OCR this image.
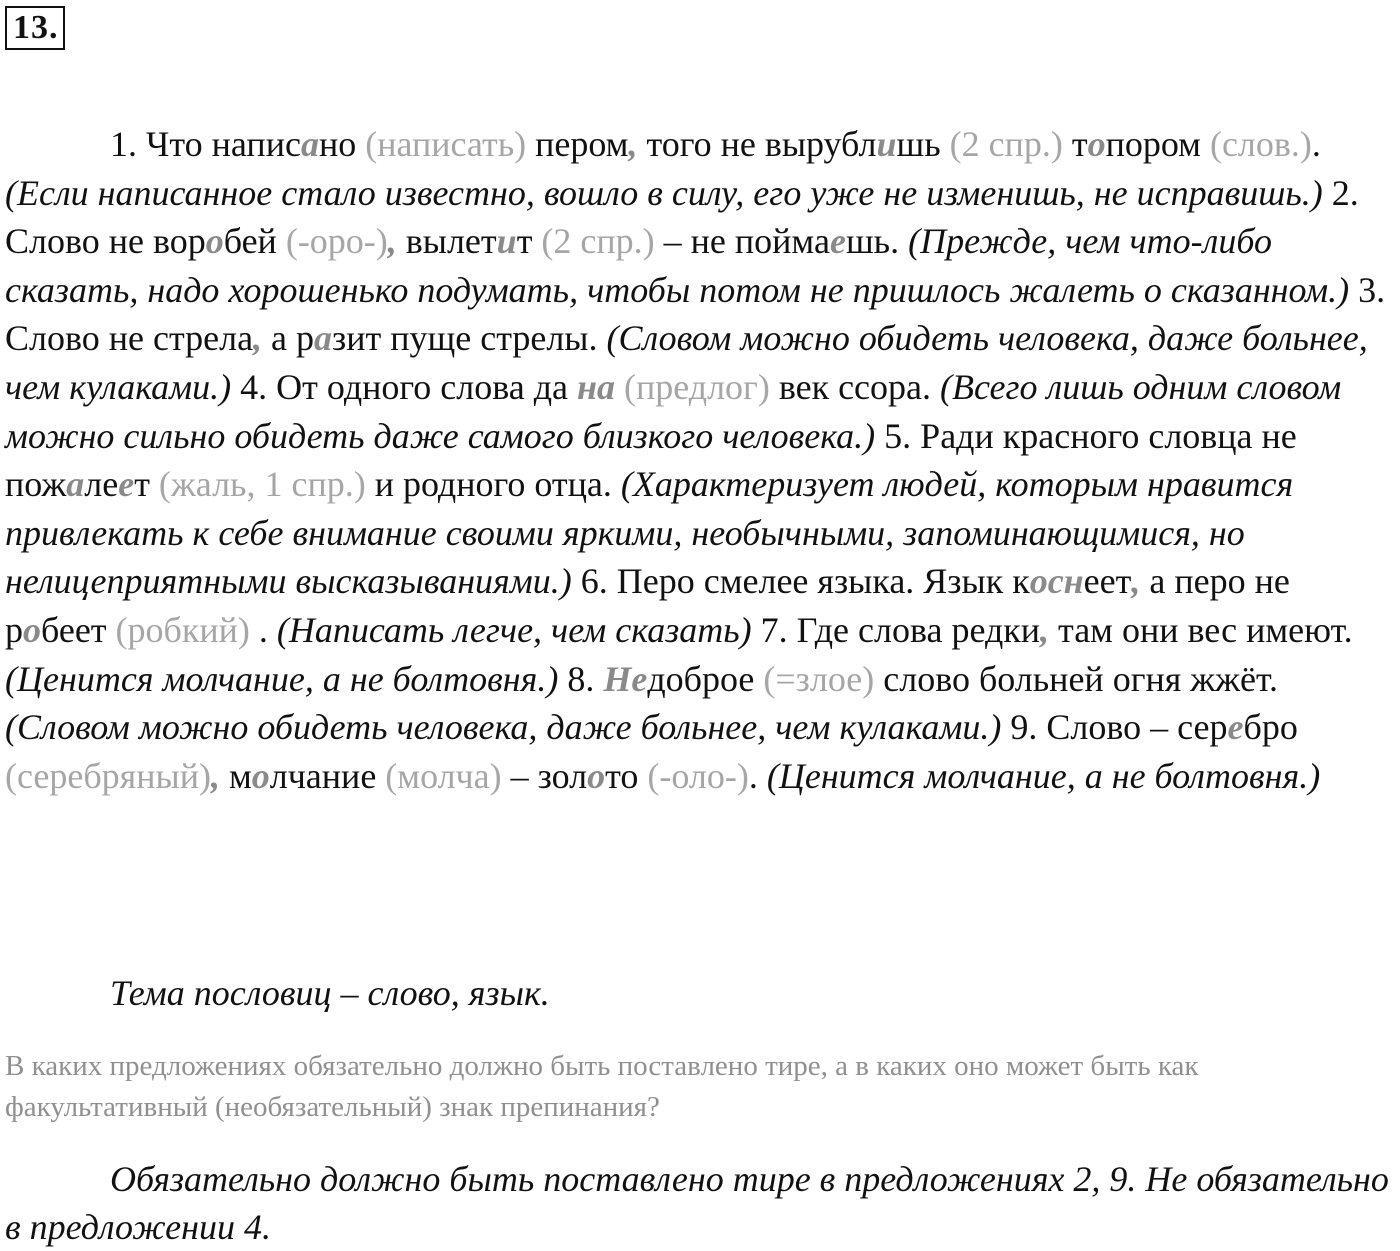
13.
1. Что написано (написать) пером, того не вырублишь (2 спр.) топором (слов.). (Если написанное стало известно, вошло в силу, его уже не изменишь, не исправишь.) 2. Слово не воробей (-оро-), вылетит (2 спр.) – не поймаешь. (Прежде, чем что-либо сказать, надо хорошенько подумать, чтобы потом не пришлось жалеть о сказанном.) 3. Слово не стрела, а разит пуще стрелы. (Словом можно обидеть человека, даже больнее, чем кулаками.) 4. От одного слова да на (предлог) век ссора. (Всего лишь одним словом можно сильно обидеть даже самого близкого человека.) 5. Ради красного словца не пожалеет (жаль, 1 спр.) и родного отца. (Характеризует людей, которым нравится привлекать к себе внимание своими яркими, необычными, запоминающимися, но нелицеприятными высказываниями.) 6. Перо смелее языка. Язык коснеет, а перо не робеет (робкий) . (Написать легче, чем сказать) 7. Где слова редки, там они вес имеют. (Ценится молчание, а не болтовня.) 8. Недоброе (=злое) слово больней огня жжёт. (Словом можно обидеть человека, даже больнее, чем кулаками.) 9. Слово – серебро (серебряный), молчание (молча) – золото (-оло-). (Ценится молчание, а не болтовня.)
Тема пословиц – слово, язык.
В каких предложениях обязательно должно быть поставлено тире, а в каких оно может быть как факультативный (необязательный) знак препинания?
Обязательно должно быть поставлено тире в предложениях 2, 9. Не обязательно в предложении 4.
